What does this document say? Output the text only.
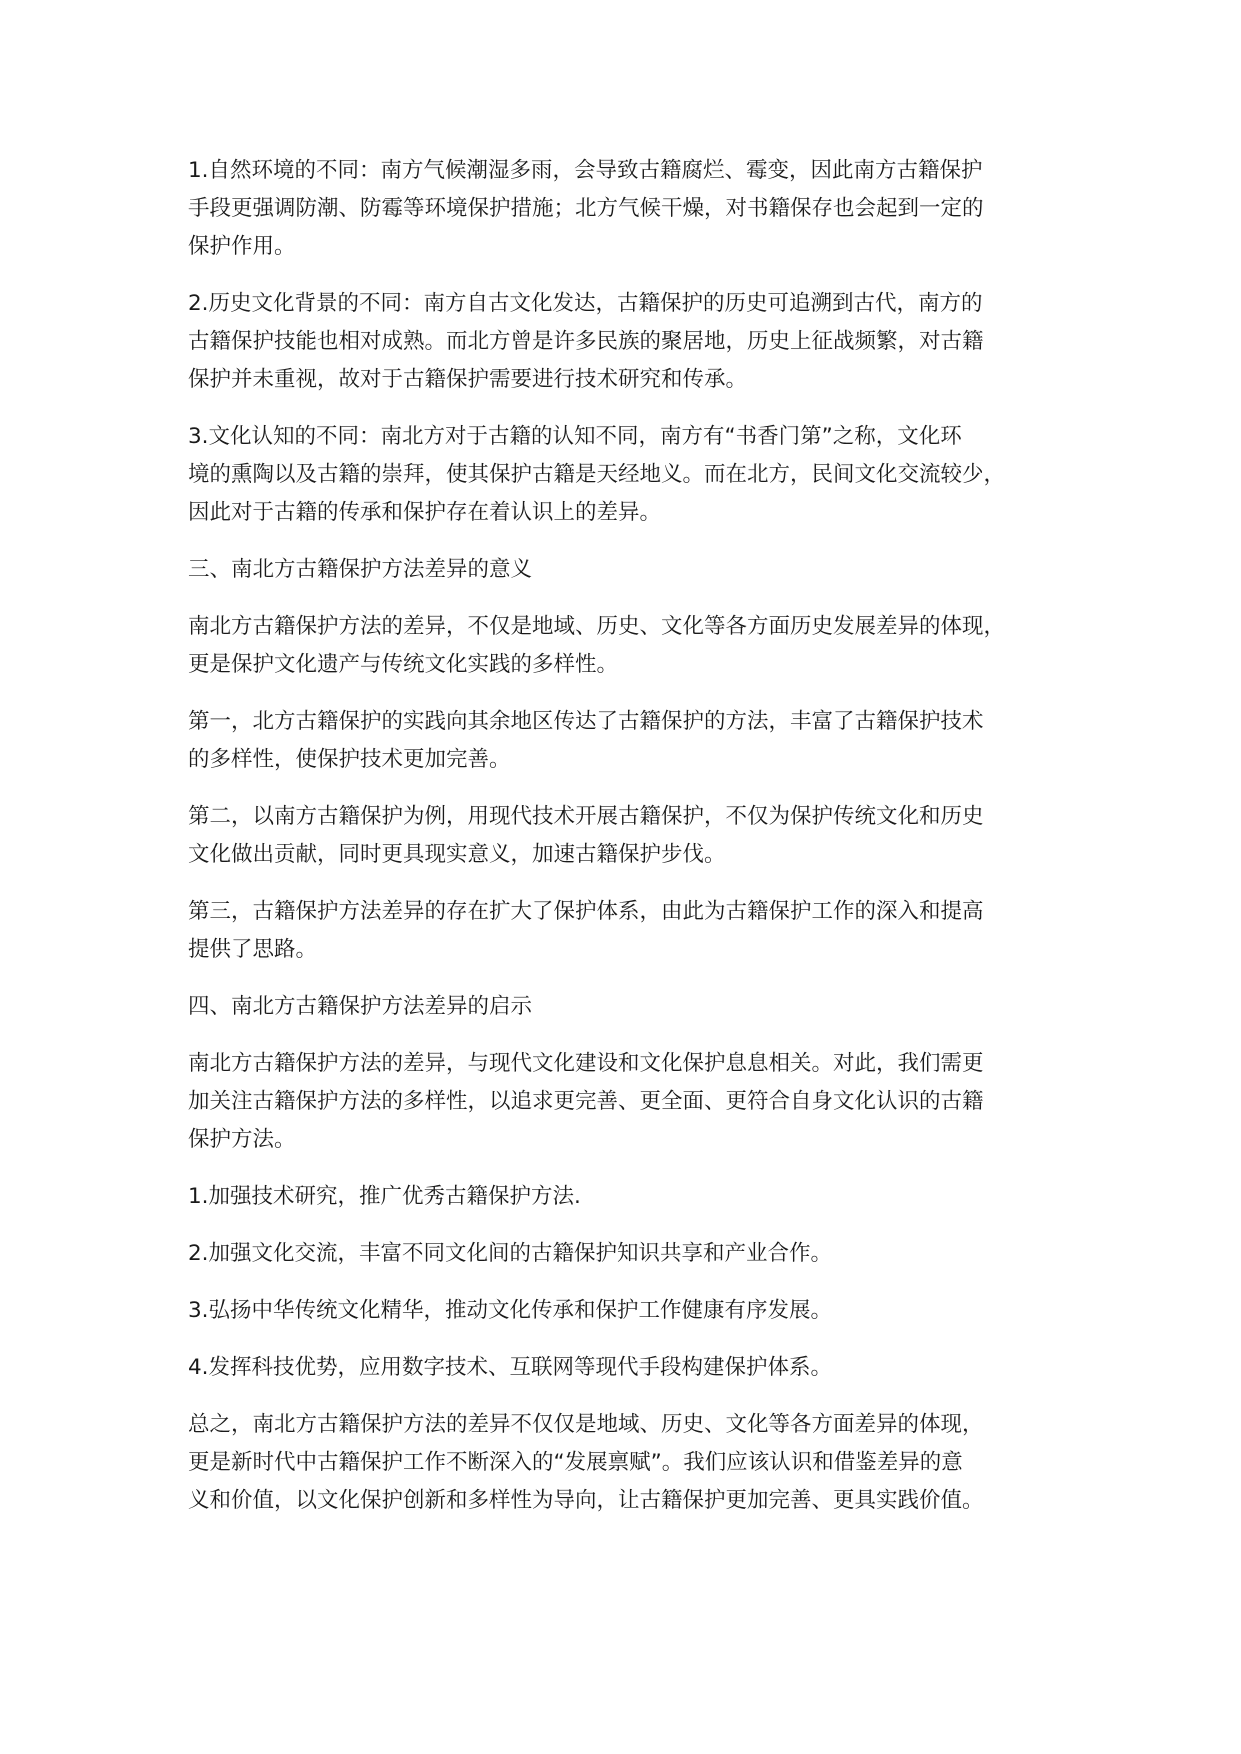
1.自然环境的不同：南方气候潮湿多雨，会导致古籍腐烂、霉变，因此南方古籍保护
手段更强调防潮、防霉等环境保护措施；北方气候干燥，对书籍保存也会起到一定的
保护作用。

2.历史文化背景的不同：南方自古文化发达，古籍保护的历史可追溯到古代，南方的
古籍保护技能也相对成熟。而北方曾是许多民族的聚居地，历史上征战频繁，对古籍
保护并未重视，故对于古籍保护需要进行技术研究和传承。

3.文化认知的不同：南北方对于古籍的认知不同，南方有“书香门第”之称，文化环
境的熏陶以及古籍的崇拜，使其保护古籍是天经地义。而在北方，民间文化交流较少，
因此对于古籍的传承和保护存在着认识上的差异。

三、南北方古籍保护方法差异的意义

南北方古籍保护方法的差异，不仅是地域、历史、文化等各方面历史发展差异的体现，
更是保护文化遗产与传统文化实践的多样性。

第一，北方古籍保护的实践向其余地区传达了古籍保护的方法，丰富了古籍保护技术
的多样性，使保护技术更加完善。

第二，以南方古籍保护为例，用现代技术开展古籍保护，不仅为保护传统文化和历史
文化做出贡献，同时更具现实意义，加速古籍保护步伐。

第三，古籍保护方法差异的存在扩大了保护体系，由此为古籍保护工作的深入和提高
提供了思路。

四、南北方古籍保护方法差异的启示

南北方古籍保护方法的差异，与现代文化建设和文化保护息息相关。对此，我们需更
加关注古籍保护方法的多样性，以追求更完善、更全面、更符合自身文化认识的古籍
保护方法。

1.加强技术研究，推广优秀古籍保护方法.

2.加强文化交流，丰富不同文化间的古籍保护知识共享和产业合作。

3.弘扬中华传统文化精华，推动文化传承和保护工作健康有序发展。

4.发挥科技优势，应用数字技术、互联网等现代手段构建保护体系。

总之，南北方古籍保护方法的差异不仅仅是地域、历史、文化等各方面差异的体现，
更是新时代中古籍保护工作不断深入的“发展禀赋”。我们应该认识和借鉴差异的意
义和价值，以文化保护创新和多样性为导向，让古籍保护更加完善、更具实践价值。
